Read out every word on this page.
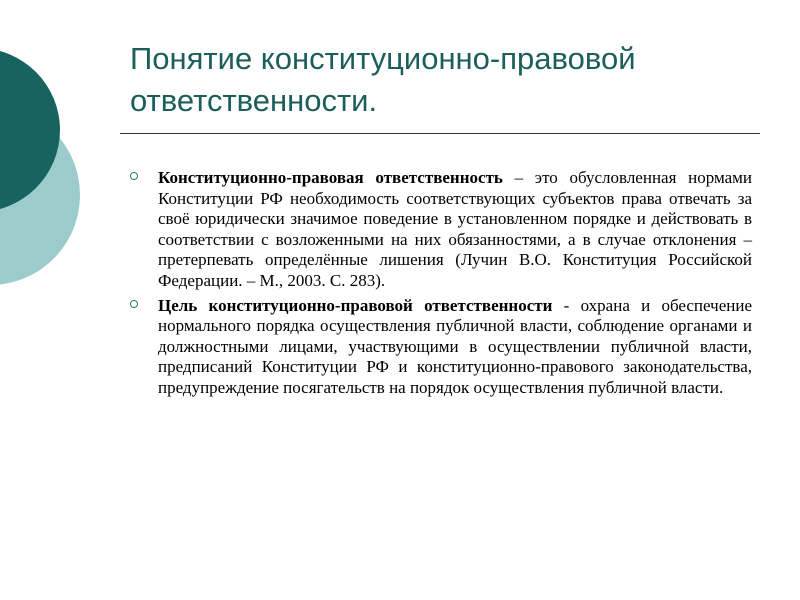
Понятие конституционно-правовой ответственности.
Конституционно-правовая ответственность – это обусловленная нормами Конституции РФ необходимость соответствующих субъектов права отвечать за своё юридически значимое поведение в установленном порядке и действовать в соответствии с возложенными на них обязанностями, а в случае отклонения – претерпевать определённые лишения (Лучин В.О. Конституция Российской Федерации. – М., 2003. С. 283).
Цель конституционно-правовой ответственности - охрана и обеспечение нормального порядка осуществления публичной власти, соблюдение органами и должностными лицами, участвующими в осуществлении публичной власти, предписаний Конституции РФ и конституционно-правового законодательства, предупреждение посягательств на порядок осуществления публичной власти.
